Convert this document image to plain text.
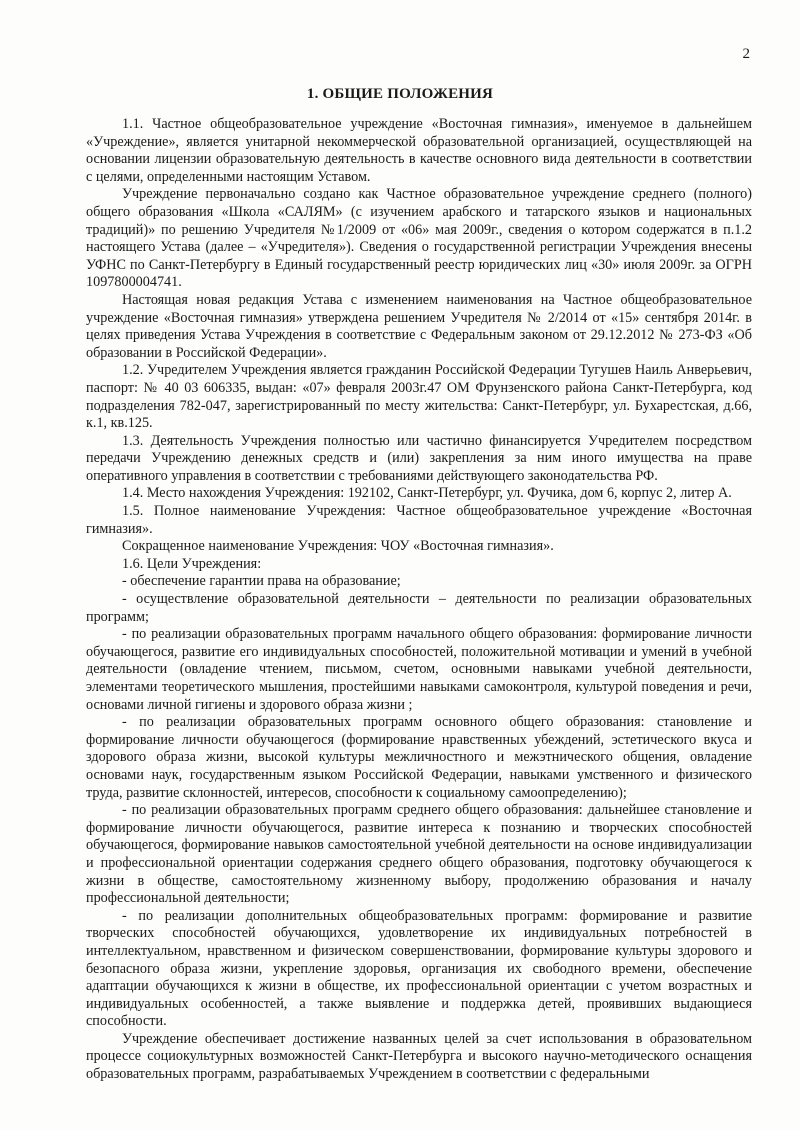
2
1. ОБЩИЕ ПОЛОЖЕНИЯ

1.1. Частное общеобразовательное учреждение «Восточная гимназия», именуемое в дальнейшем «Учреждение», является унитарной некоммерческой образовательной организацией, осуществляющей на основании лицензии образовательную деятельность в качестве основного вида деятельности в соответствии с целями, определенными настоящим Уставом.

Учреждение первоначально создано как Частное образовательное учреждение среднего (полного) общего образования «Школа «САЛЯМ» (с изучением арабского и татарского языков и национальных традиций)» по решению Учредителя №1/2009 от «06» мая 2009г., сведения о котором содержатся в п.1.2 настоящего Устава (далее – «Учредителя»). Сведения о государственной регистрации Учреждения внесены УФНС по Санкт-Петербургу в Единый государственный реестр юридических лиц «30» июля 2009г. за ОГРН 1097800004741.

Настоящая новая редакция Устава с изменением наименования на Частное общеобразовательное учреждение «Восточная гимназия» утверждена решением Учредителя № 2/2014 от «15» сентября 2014г. в целях приведения Устава Учреждения в соответствие с Федеральным законом от 29.12.2012 № 273-ФЗ «Об образовании в Российской Федерации».

1.2. Учредителем Учреждения является гражданин Российской Федерации Тугушев Наиль Анверьевич, паспорт: № 40 03 606335, выдан: «07» февраля 2003г.47 ОМ Фрунзенского района Санкт-Петербурга, код подразделения 782-047, зарегистрированный по месту жительства: Санкт-Петербург, ул. Бухарестская, д.66, к.1, кв.125.

1.3. Деятельность Учреждения полностью или частично финансируется Учредителем посредством передачи Учреждению денежных средств и (или) закрепления за ним иного имущества на праве оперативного управления в соответствии с требованиями действующего законодательства РФ.

1.4. Место нахождения Учреждения: 192102, Санкт-Петербург, ул. Фучика, дом 6, корпус 2, литер А.

1.5. Полное наименование Учреждения: Частное общеобразовательное учреждение «Восточная гимназия».

Сокращенное наименование Учреждения: ЧОУ «Восточная гимназия».

1.6. Цели Учреждения:

- обеспечение гарантии права на образование;

- осуществление образовательной деятельности – деятельности по реализации образовательных программ;

- по реализации образовательных программ начального общего образования: формирование личности обучающегося, развитие его индивидуальных способностей, положительной мотивации и умений в учебной деятельности (овладение чтением, письмом, счетом, основными навыками учебной деятельности, элементами теоретического мышления, простейшими навыками самоконтроля, культурой поведения и речи, основами личной гигиены и здорового образа жизни ;

- по реализации образовательных программ основного общего образования: становление и формирование личности обучающегося (формирование нравственных убеждений, эстетического вкуса и здорового образа жизни, высокой культуры межличностного и межэтнического общения, овладение основами наук, государственным языком Российской Федерации, навыками умственного и физического труда, развитие склонностей, интересов, способности к социальному самоопределению);

- по реализации образовательных программ среднего общего образования: дальнейшее становление и формирование личности обучающегося, развитие интереса к познанию и творческих способностей обучающегося, формирование навыков самостоятельной учебной деятельности на основе индивидуализации и профессиональной ориентации содержания среднего общего образования, подготовку обучающегося к жизни в обществе, самостоятельному жизненному выбору, продолжению образования и началу профессиональной деятельности;

- по реализации дополнительных общеобразовательных программ: формирование и развитие творческих способностей обучающихся, удовлетворение их индивидуальных потребностей в интеллектуальном, нравственном и физическом совершенствовании, формирование культуры здорового и безопасного образа жизни, укрепление здоровья, организация их свободного времени, обеспечение адаптации обучающихся к жизни в обществе, их профессиональной ориентации с учетом возрастных и индивидуальных особенностей, а также выявление и поддержка детей, проявивших выдающиеся способности.

Учреждение обеспечивает достижение названных целей за счет использования в образовательном процессе социокультурных возможностей Санкт-Петербурга и высокого научно-методического оснащения образовательных программ, разрабатываемых Учреждением в соответствии с федеральными
